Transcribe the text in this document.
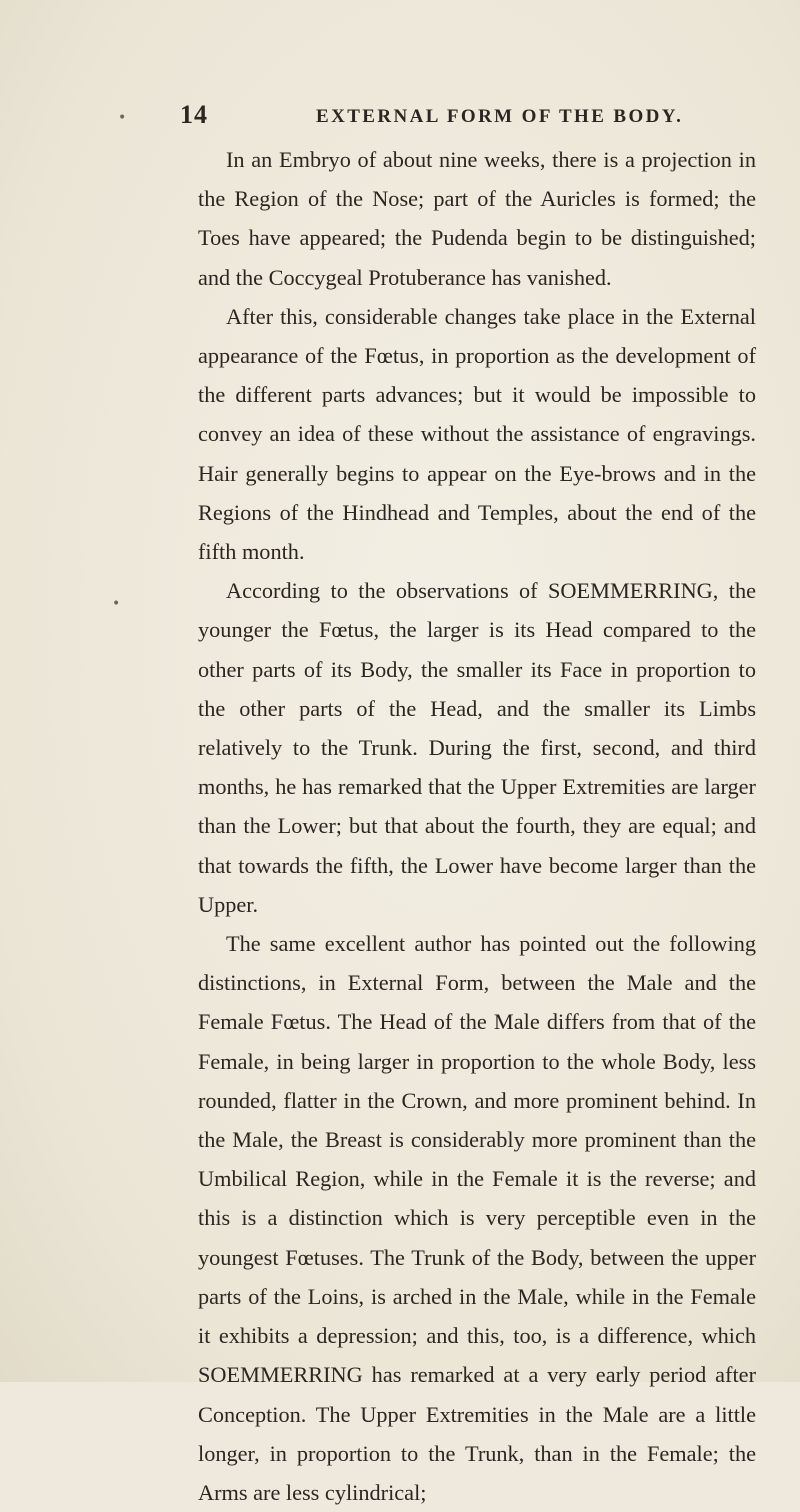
•
•
14	EXTERNAL FORM OF THE BODY.

In an Embryo of about nine weeks, there is a projection in the Region of the Nose; part of the Auricles is formed; the Toes have appeared; the Pudenda begin to be distinguished; and the Coccygeal Protuberance has vanished.

After this, considerable changes take place in the External appearance of the Fœtus, in proportion as the development of the different parts advances; but it would be impossible to convey an idea of these without the assistance of engravings. Hair generally begins to appear on the Eye-brows and in the Regions of the Hindhead and Temples, about the end of the fifth month.

According to the observations of SOEMMERRING, the younger the Fœtus, the larger is its Head compared to the other parts of its Body, the smaller its Face in proportion to the other parts of the Head, and the smaller its Limbs relatively to the Trunk. During the first, second, and third months, he has remarked that the Upper Extremities are larger than the Lower; but that about the fourth, they are equal; and that towards the fifth, the Lower have become larger than the Upper.

The same excellent author has pointed out the following distinctions, in External Form, between the Male and the Female Fœtus. The Head of the Male differs from that of the Female, in being larger in proportion to the whole Body, less rounded, flatter in the Crown, and more prominent behind. In the Male, the Breast is considerably more prominent than the Umbilical Region, while in the Female it is the reverse; and this is a distinction which is very perceptible even in the youngest Fœtuses. The Trunk of the Body, between the upper parts of the Loins, is arched in the Male, while in the Female it exhibits a depression; and this, too, is a difference, which SOEMMERRING has remarked at a very early period after Conception. The Upper Extremities in the Male are a little longer, in proportion to the Trunk, than in the Female; the Arms are less cylindrical;
